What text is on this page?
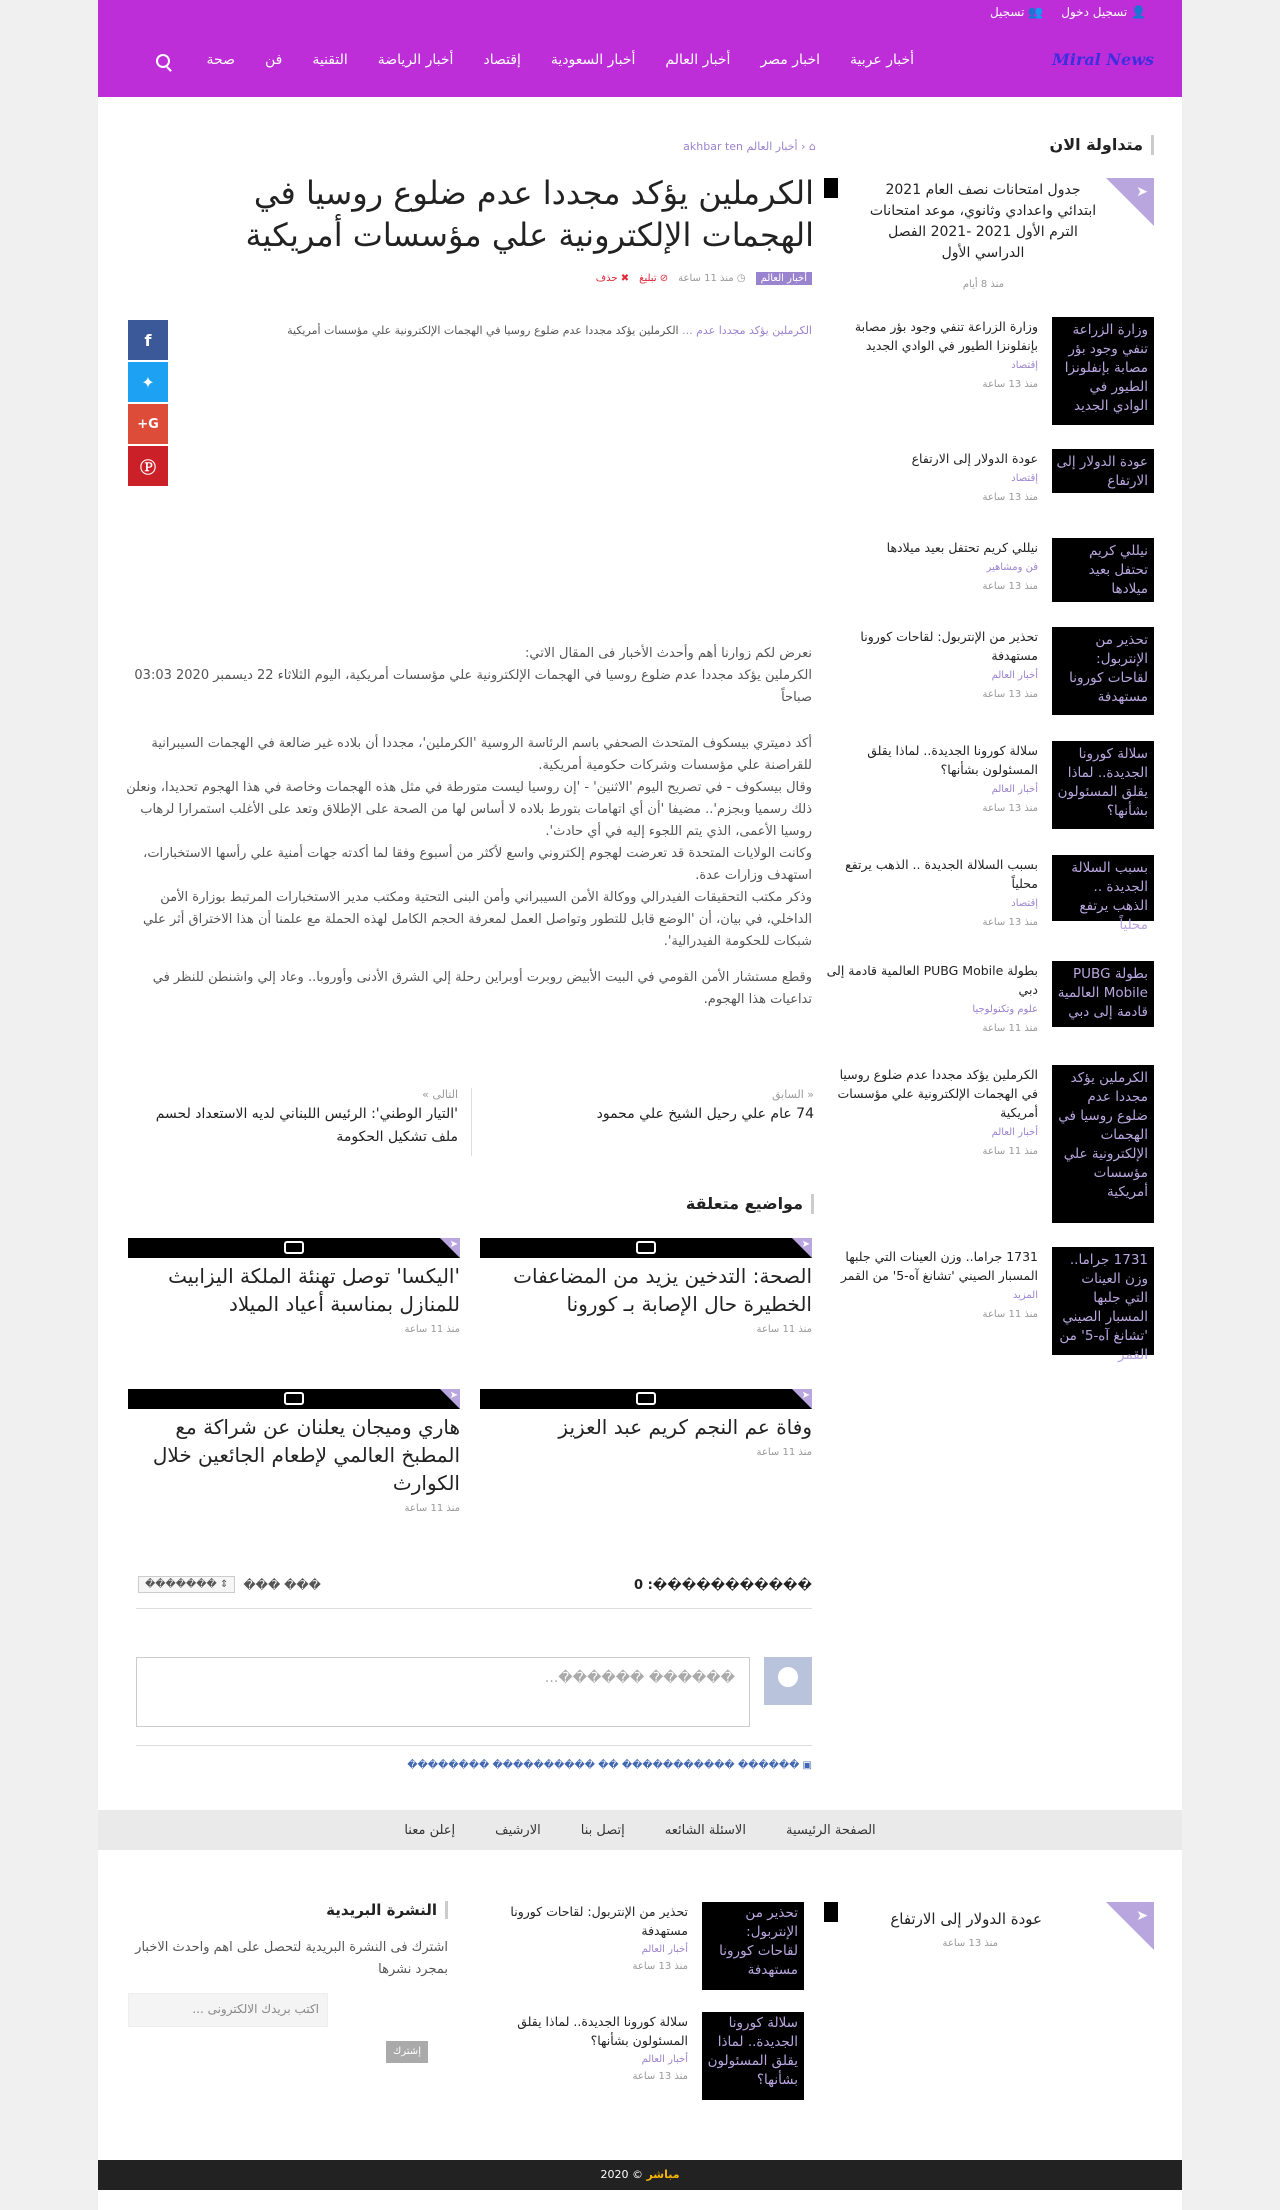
👤 تسجيل دخول
👥 تسجيل
Miral News
أخبار عربية
اخبار مصر
أخبار العالم
أخبار السعودية
إقتصاد
أخبار الرياضة
التقنية
فن
صحة
⌂ ‹ أخبار العالم akhbar ten
الكرملين يؤكد مجددا عدم ضلوع روسيا في الهجمات الإلكترونية علي مؤسسات أمريكية
أخبار العالم
◷ منذ 11 ساعة
⊘ تبليغ
✖ حذف
f
✦
G+
Ⓟ
الكرملين يؤكد مجددا عدم ... الكرملين يؤكد مجددا عدم ضلوع روسيا في الهجمات الإلكترونية علي مؤسسات أمريكية
نعرض لكم زوارنا أهم وأحدث الأخبار فى المقال الاتي:
الكرملين يؤكد مجددا عدم ضلوع روسيا في الهجمات الإلكترونية علي مؤسسات أمريكية، اليوم الثلاثاء 22 ديسمبر 2020 03:03 صباحاً
أكد دميتري بيسكوف المتحدث الصحفي باسم الرئاسة الروسية 'الكرملين'، مجددا أن بلاده غير ضالعة في الهجمات السيبرانية للقراصنة علي مؤسسات وشركات حكومية أمريكية.
وقال بيسكوف - في تصريح اليوم 'الاثنين' - 'إن روسيا ليست متورطة في مثل هذه الهجمات وخاصة في هذا الهجوم تحديدا، ونعلن ذلك رسميا وبجزم'.. مضيفا 'أن أي اتهامات بتورط بلاده لا أساس لها من الصحة على الإطلاق وتعد على الأغلب استمرارا لرهاب روسيا الأعمى، الذي يتم اللجوء إليه في أي حادث'.
وكانت الولايات المتحدة قد تعرضت لهجوم إلكتروني واسع لأكثر من أسبوع وفقا لما أكدته جهات أمنية علي رأسها الاستخبارات، استهدف وزارات عدة.
وذكر مكتب التحقيقات الفيدرالي ووكالة الأمن السيبراني وأمن البنى التحتية ومكتب مدير الاستخبارات المرتبط بوزارة الأمن الداخلي، في بيان، أن 'الوضع قابل للتطور وتواصل العمل لمعرفة الحجم الكامل لهذه الحملة مع علمنا أن هذا الاختراق أثر علي شبكات للحكومة الفيدرالية'.
وقطع مستشار الأمن القومي في البيت الأبيض روبرت أوبراين رحلة إلي الشرق الأدنى وأوروبا.. وعاد إلي واشنطن للنظر في تداعيات هذا الهجوم.
« السابق
74 عام علي رحيل الشيخ علي محمود
التالى »
'التيار الوطني': الرئيس اللبناني لديه الاستعداد لحسم ملف تشكيل الحكومة
مواضيع متعلقة
➤
الصحة: التدخين يزيد من المضاعفات الخطيرة حال الإصابة بـ كورونا
منذ 11 ساعة
➤
'اليكسا' توصل تهنئة الملكة اليزابيث للمنازل بمناسبة أعياد الميلاد
منذ 11 ساعة
➤
وفاة عم النجم كريم عبد العزيز
منذ 11 ساعة
➤
هاري وميجان يعلنان عن شراكة مع المطبخ العالمي لإطعام الجائعين خلال الكوارث
منذ 11 ساعة
�����������: 0
��� ���
⇕ �������
������ ������...
▣ ������ ����������� �� ���������� ��������
متداولة الان
➤
جدول امتحانات نصف العام 2021 ابتدائي واعدادي وثانوي، موعد امتحانات الترم الأول 2021 -2021 الفصل الدراسي الأول
منذ 8 أيام
وزارة الزراعة تنفي وجود بؤر مصابة بإنفلونزا الطيور في الوادي الجديد
وزارة الزراعة تنفي وجود بؤر مصابة بإنفلونزا الطيور في الوادي الجديد
إقتصاد
منذ 13 ساعة
عودة الدولار إلى الارتفاع
عودة الدولار إلى الارتفاع
إقتصاد
منذ 13 ساعة
نيللي كريم تحتفل بعيد ميلادها
نيللي كريم تحتفل بعيد ميلادها
فن ومشاهير
منذ 13 ساعة
تحذير من الإنتربول: لقاحات كورونا مستهدفة
تحذير من الإنتربول: لقاحات كورونا مستهدفة
أخبار العالم
منذ 13 ساعة
سلالة كورونا الجديدة.. لماذا يقلق المسئولون بشأنها؟
سلالة كورونا الجديدة.. لماذا يقلق المسئولون بشأنها؟
أخبار العالم
منذ 13 ساعة
بسبب السلالة الجديدة .. الذهب يرتفع محلياً
بسبب السلالة الجديدة .. الذهب يرتفع محلياً
إقتصاد
منذ 13 ساعة
بطولة PUBG Mobile العالمية قادمة إلى دبي
بطولة PUBG Mobile العالمية قادمة إلى دبي
علوم وتكنولوجيا
منذ 11 ساعة
الكرملين يؤكد مجددا عدم ضلوع روسيا في الهجمات الإلكترونية علي مؤسسات أمريكية
الكرملين يؤكد مجددا عدم ضلوع روسيا في الهجمات الإلكترونية علي مؤسسات أمريكية
أخبار العالم
منذ 11 ساعة
1731 جراما.. وزن العينات التي جلبها المسبار الصيني 'تشانغ آه-5' من القمر
1731 جراما.. وزن العينات التي جلبها المسبار الصيني 'تشانغ آه-5' من القمر
المزيد
منذ 11 ساعة
الصفحة الرئيسية
الاسئلة الشائعه
إتصل بنا
الارشيف
إعلن معنا
➤
عودة الدولار إلى الارتفاع
منذ 13 ساعة
تحذير من الإنتربول: لقاحات كورونا مستهدفة
تحذير من الإنتربول: لقاحات كورونا مستهدفة
أخبار العالم
منذ 13 ساعة
سلالة كورونا الجديدة.. لماذا يقلق المسئولون بشأنها؟
سلالة كورونا الجديدة.. لماذا يقلق المسئولون بشأنها؟
أخبار العالم
منذ 13 ساعة
النشرة البريدية
اشترك فى النشرة البريدية لتحصل على اهم واحدث الاخبار بمجرد نشرها
اكتب بريدك الالكترونى ...
إشترك
2020 © مباشر
